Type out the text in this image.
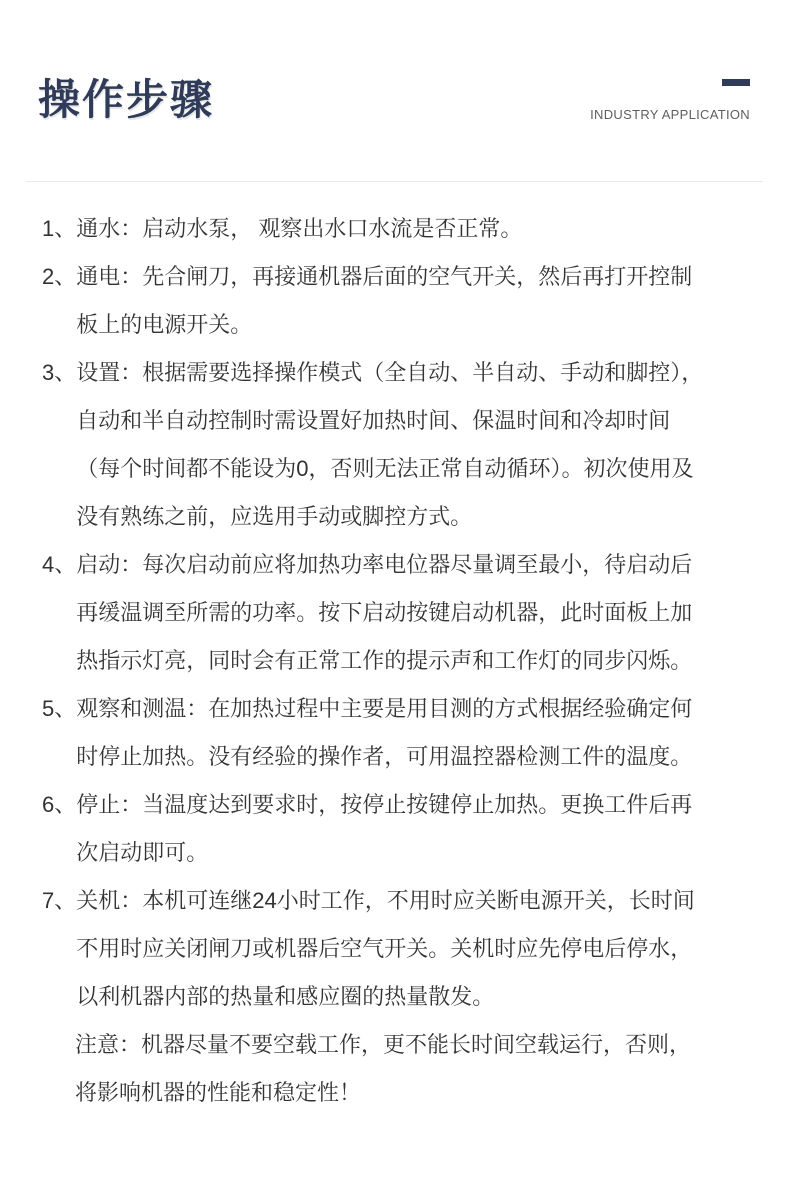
操作步骤	INDUSTRY APPLICATION
1、 通水：启动水泵， 观察出水口水流是否正常。
2、 通电：先合闸刀，再接通机器后面的空气开关，然后再打开控制
板上的电源开关。
3、 设置：根据需要选择操作模式（全自动、半自动、手动和脚控），
自动和半自动控制时需设置好加热时间、保温时间和冷却时间
（每个时间都不能设为0，否则无法正常自动循环）。初次使用及
没有熟练之前，应选用手动或脚控方式。
4、 启动：每次启动前应将加热功率电位器尽量调至最小，待启动后
再缓温调至所需的功率。按下启动按键启动机器，此时面板上加
热指示灯亮，同时会有正常工作的提示声和工作灯的同步闪烁。
5、 观察和测温：在加热过程中主要是用目测的方式根据经验确定何
时停止加热。没有经验的操作者，可用温控器检测工件的温度。
6、 停止：当温度达到要求时，按停止按键停止加热。更换工件后再
次启动即可。
7、 关机：本机可连继24小时工作，不用时应关断电源开关，长时间
不用时应关闭闸刀或机器后空气开关。关机时应先停电后停水，
以利机器内部的热量和感应圈的热量散发。
注意：机器尽量不要空载工作，更不能长时间空载运行，否则，
将影响机器的性能和稳定性！
